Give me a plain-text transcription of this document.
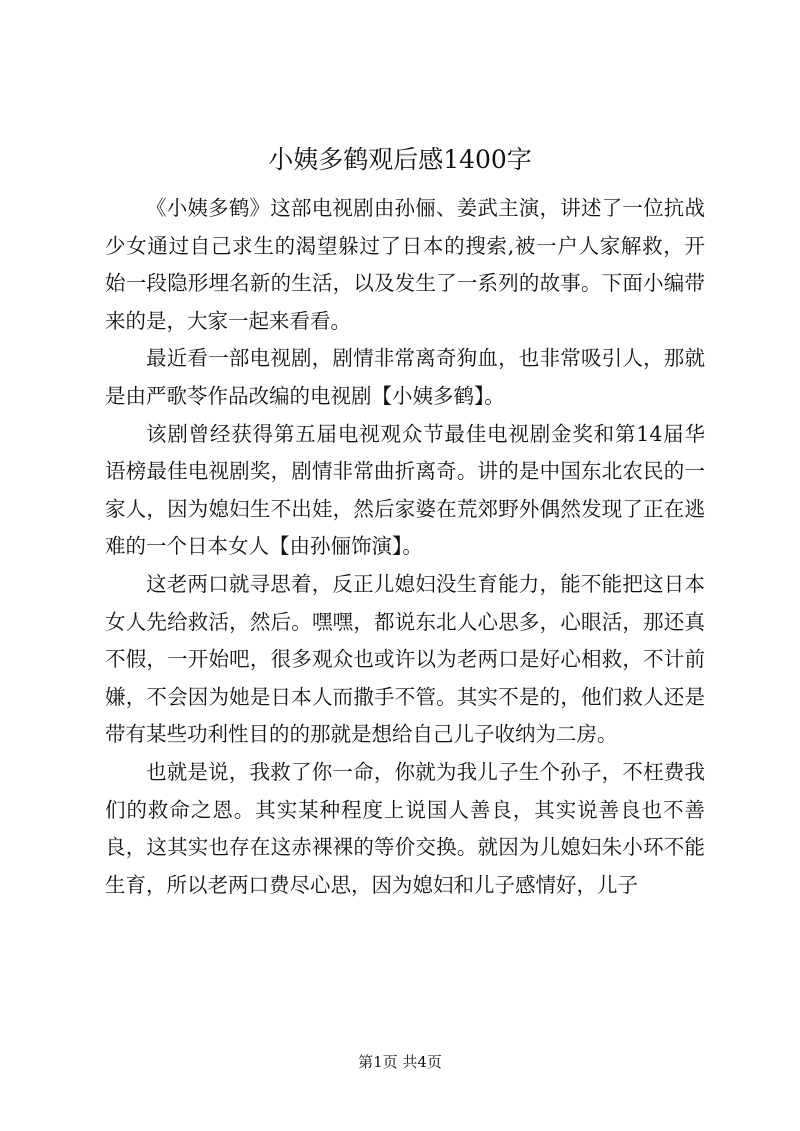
小姨多鹤观后感1400字

《小姨多鹤》这部电视剧由孙俪、姜武主演，讲述了一位抗战少女通过自己求生的渴望躲过了日本的搜索,被一户人家解救，开始一段隐形埋名新的生活，以及发生了一系列的故事。下面小编带来的是，大家一起来看看。

最近看一部电视剧，剧情非常离奇狗血，也非常吸引人，那就是由严歌苓作品改编的电视剧【小姨多鹤】。

该剧曾经获得第五届电视观众节最佳电视剧金奖和第14届华语榜最佳电视剧奖，剧情非常曲折离奇。讲的是中国东北农民的一家人，因为媳妇生不出娃，然后家婆在荒郊野外偶然发现了正在逃难的一个日本女人【由孙俪饰演】。

这老两口就寻思着，反正儿媳妇没生育能力，能不能把这日本女人先给救活，然后。嘿嘿，都说东北人心思多，心眼活，那还真不假，一开始吧，很多观众也或许以为老两口是好心相救，不计前嫌，不会因为她是日本人而撒手不管。其实不是的，他们救人还是带有某些功利性目的的那就是想给自己儿子收纳为二房。

也就是说，我救了你一命，你就为我儿子生个孙子，不枉费我们的救命之恩。其实某种程度上说国人善良，其实说善良也不善良，这其实也存在这赤裸裸的等价交换。就因为儿媳妇朱小环不能生育，所以老两口费尽心思，因为媳妇和儿子感情好，儿子

第1页 共4页
